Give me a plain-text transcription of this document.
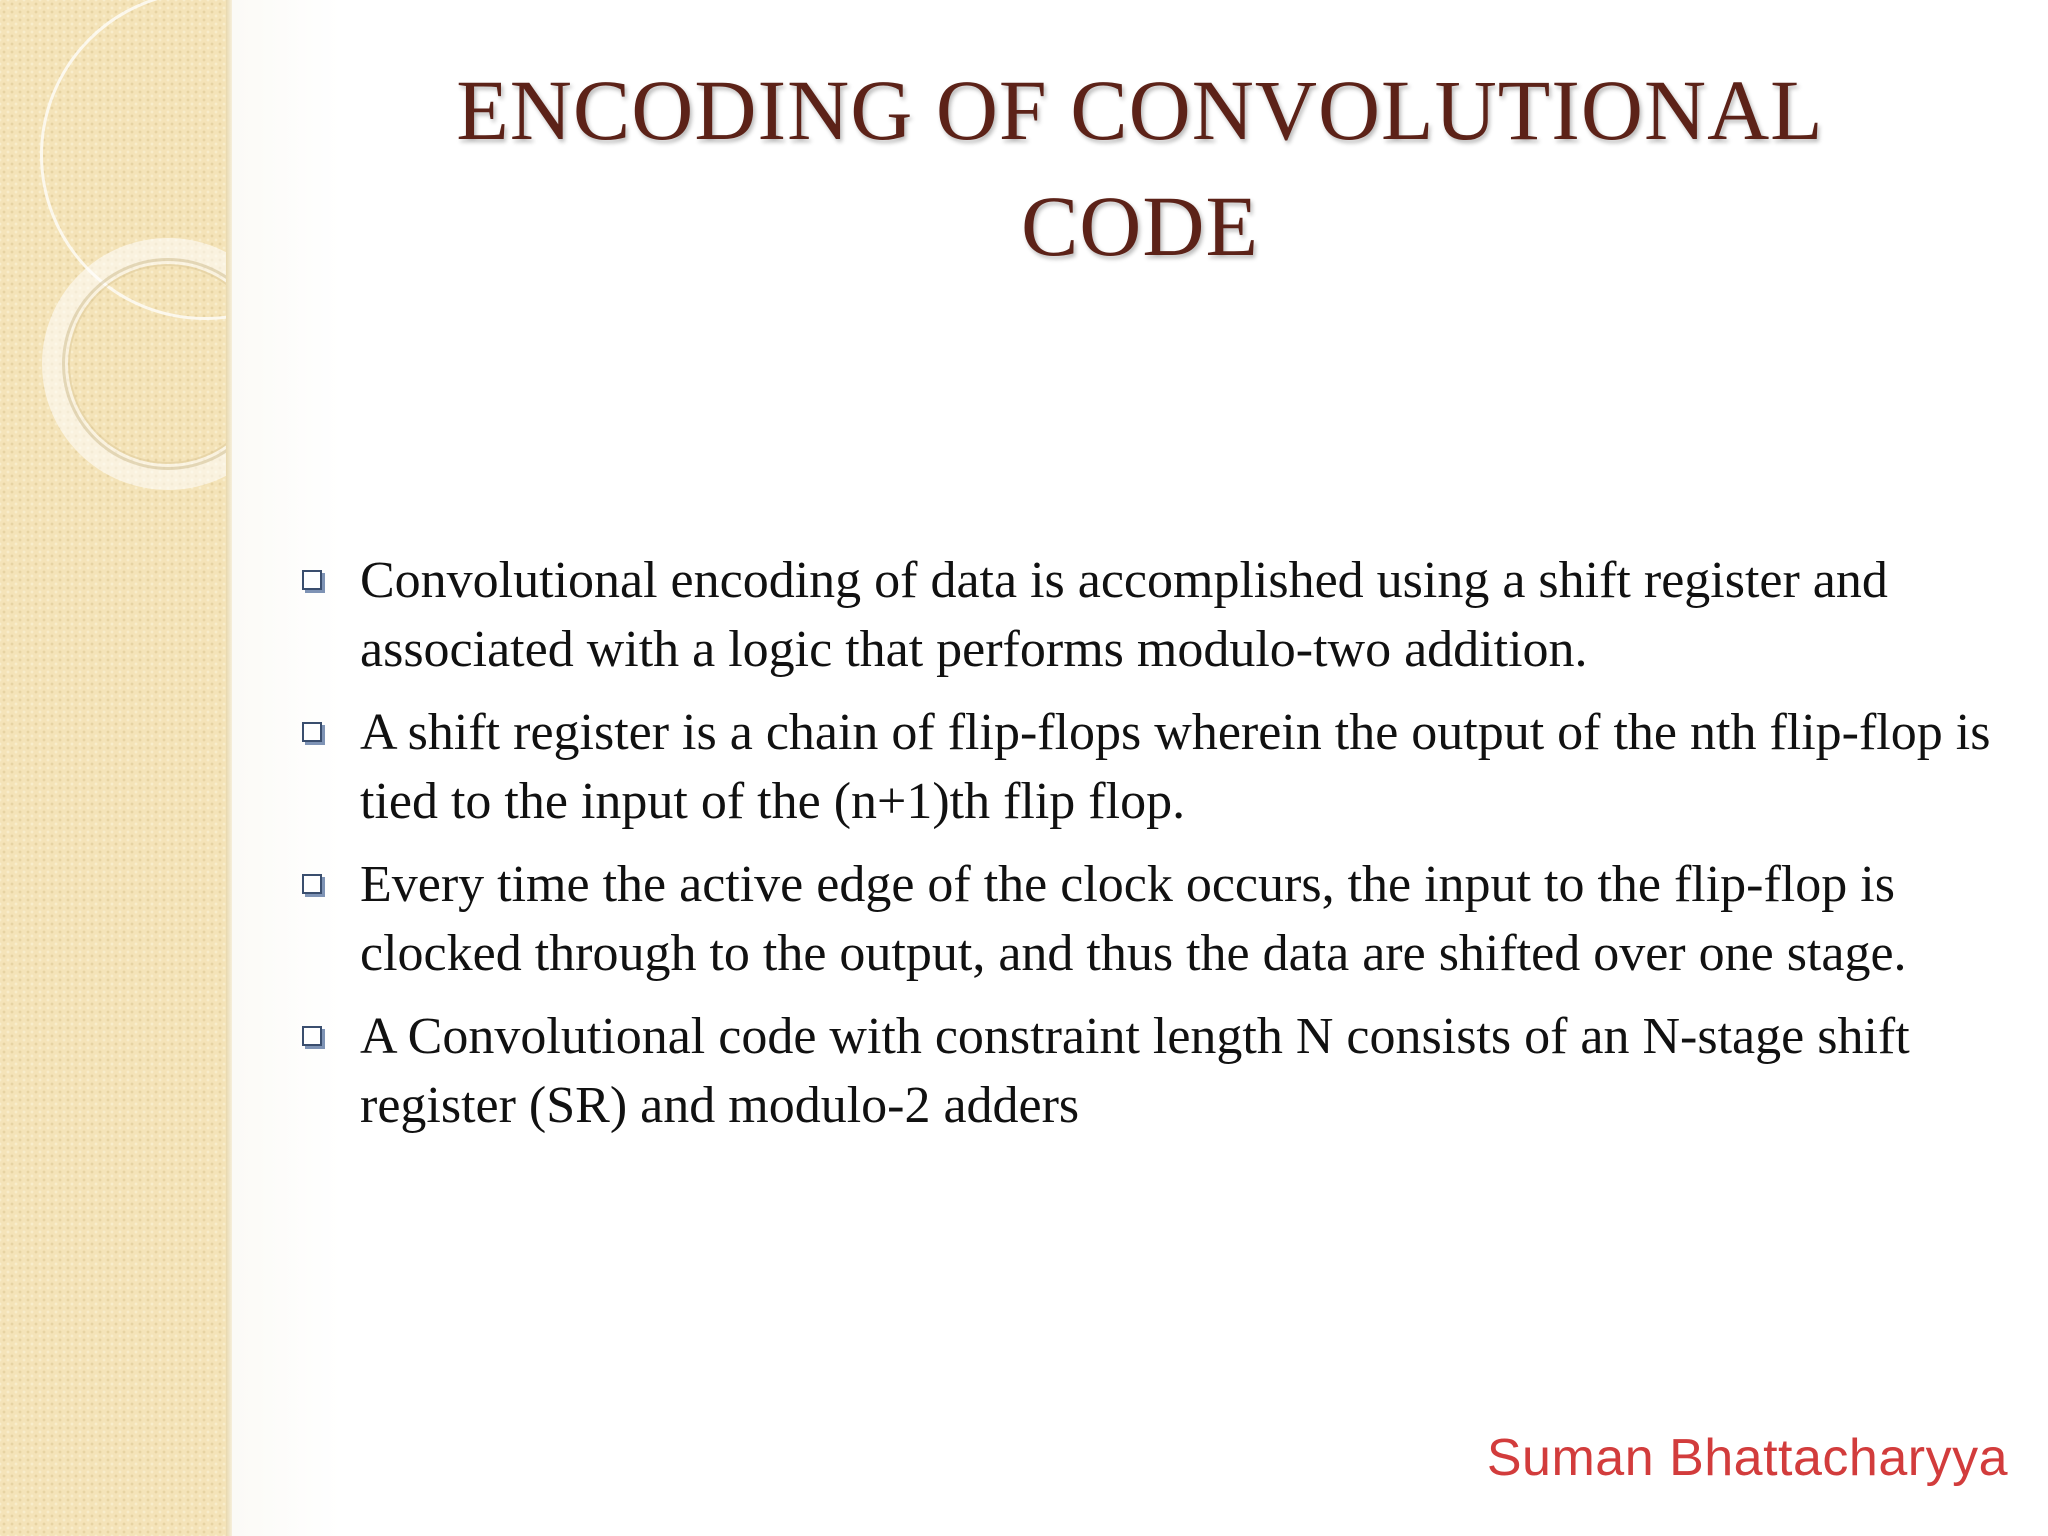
ENCODING OF CONVOLUTIONAL
CODE
Convolutional encoding of data is accomplished using a shift register and associated with a logic that performs modulo-two addition.
A shift register is a chain of flip-flops wherein the output of the nth flip-flop is tied to the input of the (n+1)th flip flop.
Every time the active edge of the clock occurs, the input to the flip-flop is clocked through to the output, and thus the data are shifted over one stage.
A Convolutional code with constraint length N consists of an N-stage shift register (SR) and modulo-2 adders

Suman Bhattacharyya
